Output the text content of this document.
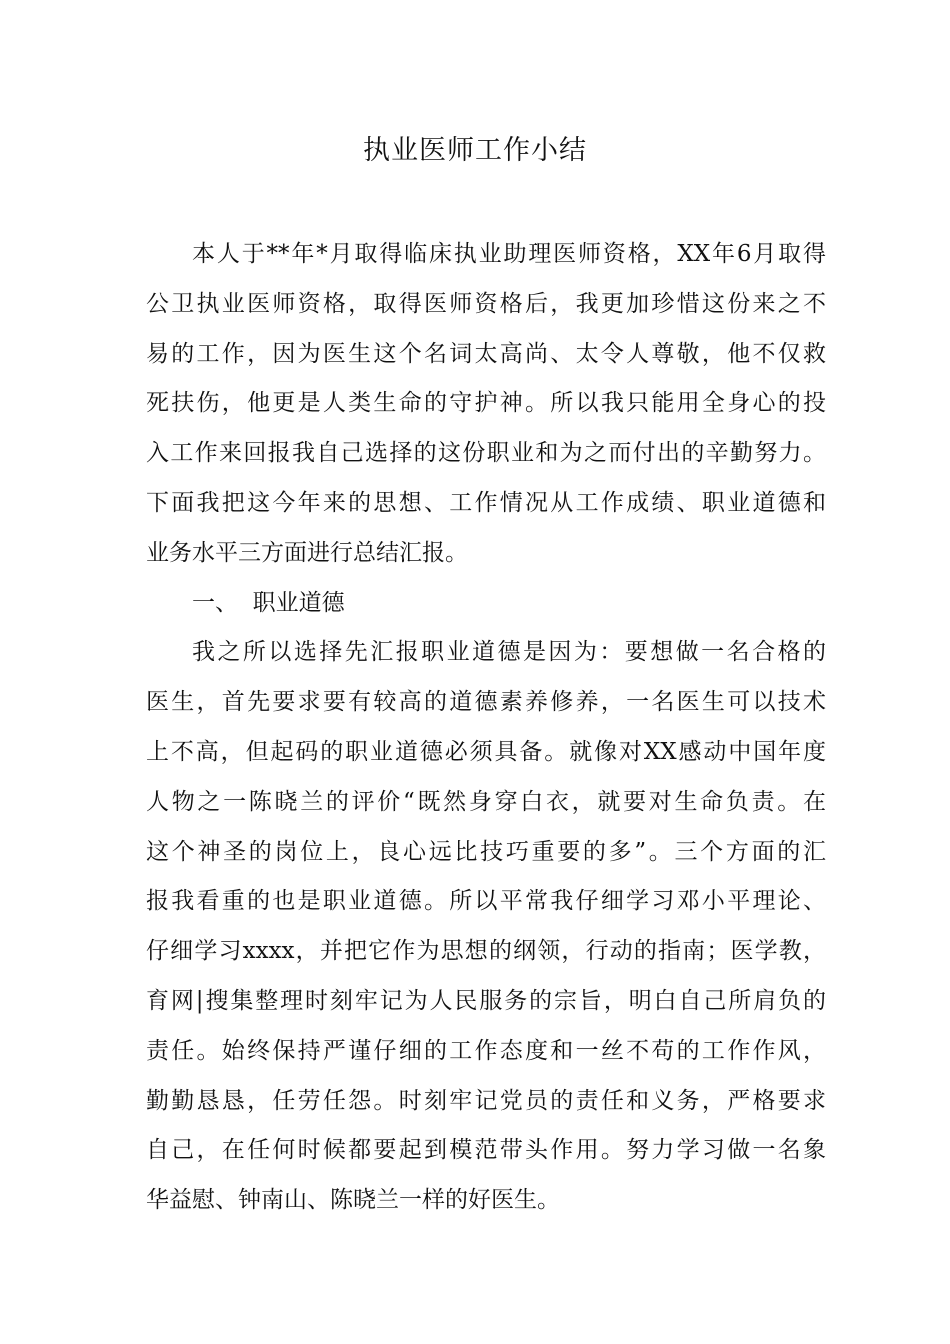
执业医师工作小结
本人于**年*月取得临床执业助理医师资格，XX年6月取得
公卫执业医师资格，取得医师资格后，我更加珍惜这份来之不
易的工作，因为医生这个名词太高尚、太令人尊敬，他不仅救
死扶伤，他更是人类生命的守护神。所以我只能用全身心的投
入工作来回报我自己选择的这份职业和为之而付出的辛勤努力。
下面我把这今年来的思想、工作情况从工作成绩、职业道德和
业务水平三方面进行总结汇报。
一、  职业道德
我之所以选择先汇报职业道德是因为：要想做一名合格的
医生，首先要求要有较高的道德素养修养，一名医生可以技术
上不高，但起码的职业道德必须具备。就像对XX感动中国年度
人物之一陈晓兰的评价“既然身穿白衣，就要对生命负责。在
这个神圣的岗位上，良心远比技巧重要的多”。三个方面的汇
报我看重的也是职业道德。所以平常我仔细学习邓小平理论、
仔细学习xxxx，并把它作为思想的纲领，行动的指南；医学教，
育网|搜集整理时刻牢记为人民服务的宗旨，明白自己所肩负的
责任。始终保持严谨仔细的工作态度和一丝不苟的工作作风，
勤勤恳恳，任劳任怨。时刻牢记党员的责任和义务，严格要求
自己，在任何时候都要起到模范带头作用。努力学习做一名象
华益慰、钟南山、陈晓兰一样的好医生。
